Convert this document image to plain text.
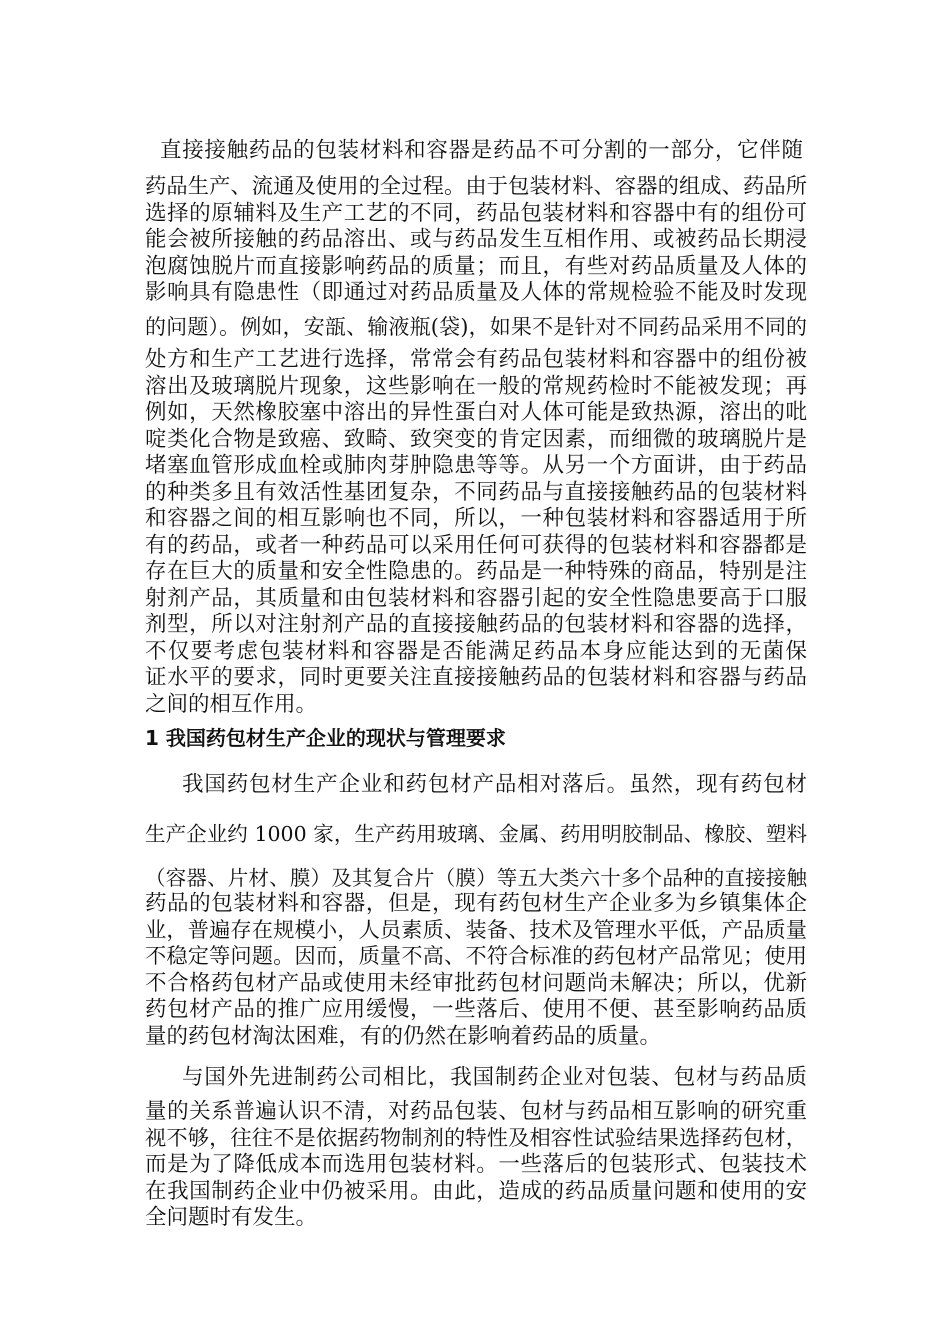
直接接触药品的包装材料和容器是药品不可分割的一部分，它伴随
药品生产、流通及使用的全过程。由于包装材料、容器的组成、药品所
选择的原辅料及生产工艺的不同，药品包装材料和容器中有的组份可
能会被所接触的药品溶出、或与药品发生互相作用、或被药品长期浸
泡腐蚀脱片而直接影响药品的质量；而且，有些对药品质量及人体的
影响具有隐患性（即通过对药品质量及人体的常规检验不能及时发现
的问题）。例如，安瓿、输液瓶(袋)，如果不是针对不同药品采用不同的
处方和生产工艺进行选择，常常会有药品包装材料和容器中的组份被
溶出及玻璃脱片现象，这些影响在一般的常规药检时不能被发现；再
例如，天然橡胶塞中溶出的异性蛋白对人体可能是致热源，溶出的吡
啶类化合物是致癌、致畸、致突变的肯定因素，而细微的玻璃脱片是
堵塞血管形成血栓或肺肉芽肿隐患等等。从另一个方面讲，由于药品
的种类多且有效活性基团复杂，不同药品与直接接触药品的包装材料
和容器之间的相互影响也不同，所以，一种包装材料和容器适用于所
有的药品，或者一种药品可以采用任何可获得的包装材料和容器都是
存在巨大的质量和安全性隐患的。药品是一种特殊的商品，特别是注
射剂产品，其质量和由包装材料和容器引起的安全性隐患要高于口服
剂型，所以对注射剂产品的直接接触药品的包装材料和容器的选择，
不仅要考虑包装材料和容器是否能满足药品本身应能达到的无菌保
证水平的要求，同时更要关注直接接触药品的包装材料和容器与药品
之间的相互作用。
1 我国药包材生产企业的现状与管理要求
我国药包材生产企业和药包材产品相对落后。虽然，现有药包材
生产企业约 1000 家，生产药用玻璃、金属、药用明胶制品、橡胶、塑料
（容器、片材、膜）及其复合片（膜）等五大类六十多个品种的直接接触
药品的包装材料和容器，但是，现有药包材生产企业多为乡镇集体企
业，普遍存在规模小，人员素质、装备、技术及管理水平低，产品质量
不稳定等问题。因而，质量不高、不符合标准的药包材产品常见；使用
不合格药包材产品或使用未经审批药包材问题尚未解决；所以，优新
药包材产品的推广应用缓慢，一些落后、使用不便、甚至影响药品质
量的药包材淘汰困难，有的仍然在影响着药品的质量。
与国外先进制药公司相比，我国制药企业对包装、包材与药品质
量的关系普遍认识不清，对药品包装、包材与药品相互影响的研究重
视不够，往往不是依据药物制剂的特性及相容性试验结果选择药包材，
而是为了降低成本而选用包装材料。一些落后的包装形式、包装技术
在我国制药企业中仍被采用。由此，造成的药品质量问题和使用的安
全问题时有发生。
